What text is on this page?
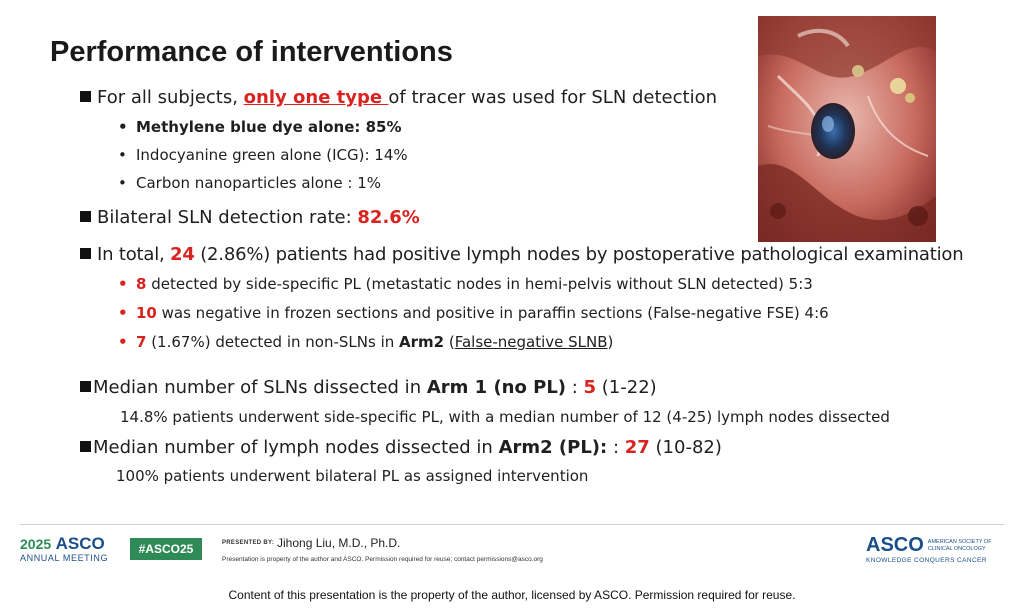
Performance of interventions
For all subjects, only one type of tracer was used for SLN detection
• Methylene blue dye alone: 85%
• Indocyanine green alone (ICG): 14%
• Carbon nanoparticles alone : 1%
Bilateral SLN detection rate: 82.6%
In total, 24 (2.86%) patients had positive lymph nodes by postoperative pathological examination
• 8 detected by side-specific PL (metastatic nodes in hemi-pelvis without SLN detected) 5:3
• 10 was negative in frozen sections and positive in paraffin sections (False-negative FSE) 4:6
• 7 (1.67%) detected in non-SLNs in Arm2 (False-negative SLNB)
Median number of SLNs dissected in Arm 1 (no PL) : 5 (1-22)
14.8% patients underwent side-specific PL, with a median number of 12 (4-25) lymph nodes dissected
Median number of lymph nodes dissected in Arm2 (PL): : 27 (10-82)
100% patients underwent bilateral PL as assigned intervention
2025 ASCO
ANNUAL MEETING
#ASCO25	PRESENTED BY: Jihong Liu, M.D., Ph.D.
Presentation is property of the author and ASCO. Permission required for reuse; contact permissions@asco.org
ASCO AMERICAN SOCIETY OF
CLINICAL ONCOLOGY
KNOWLEDGE CONQUERS CANCER
Content of this presentation is the property of the author, licensed by ASCO. Permission required for reuse.
